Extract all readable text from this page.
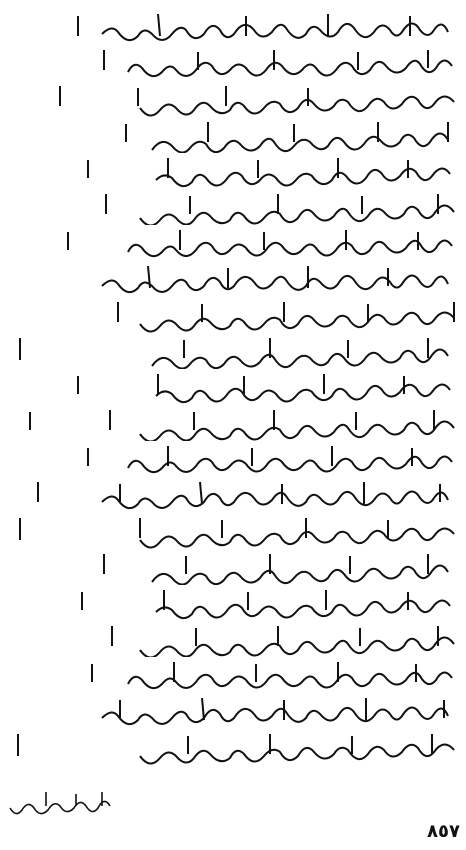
٨٥٧
